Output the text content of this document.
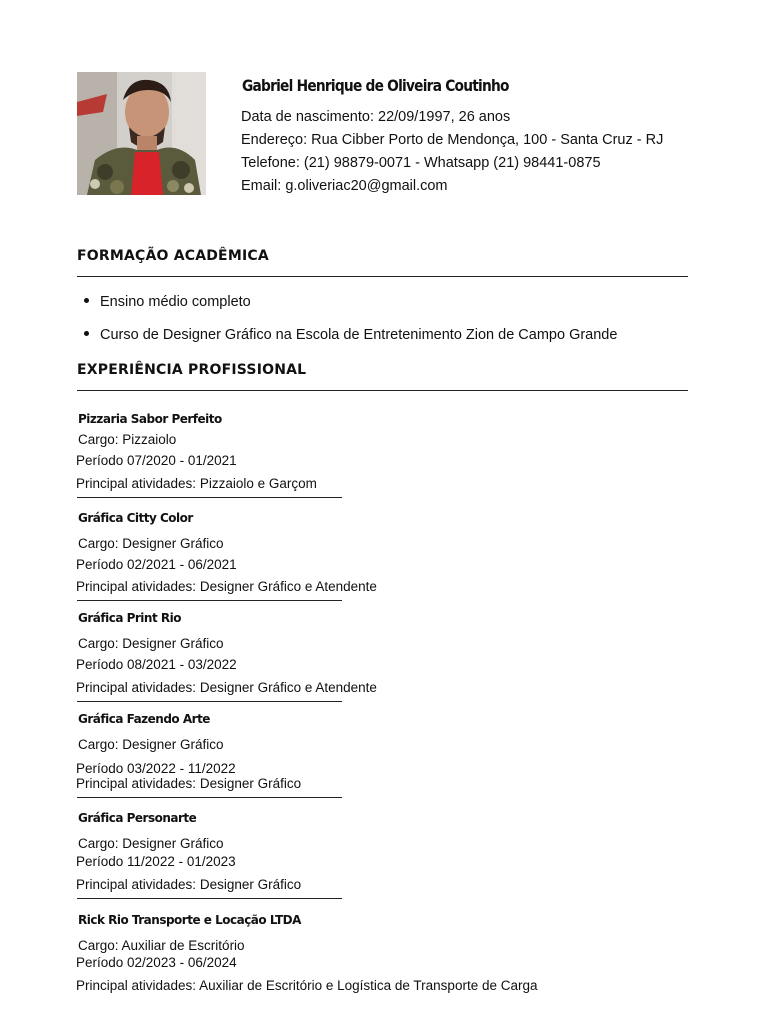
Gabriel Henrique de Oliveira Coutinho
Data de nascimento: 22/09/1997, 26 anos
Endereço: Rua Cibber Porto de Mendonça, 100 - Santa Cruz - RJ
Telefone: (21) 98879-0071 - Whatsapp (21) 98441-0875
Email: g.oliveriac20@gmail.com
FORMAÇÃO ACADÊMICA
Ensino médio completo
Curso de Designer Gráfico na Escola de Entretenimento Zion de Campo Grande
EXPERIÊNCIA PROFISSIONAL
Pizzaria Sabor Perfeito
Cargo: Pizzaiolo
Período 07/2020 - 01/2021
Principal atividades: Pizzaiolo e Garçom
Gráfica Citty Color
Cargo: Designer Gráfico
Período 02/2021 - 06/2021
Principal atividades: Designer Gráfico e Atendente
Gráfica Print Rio
Cargo: Designer Gráfico
Período 08/2021 - 03/2022
Principal atividades: Designer Gráfico e Atendente
Gráfica Fazendo Arte
Cargo: Designer Gráfico
Período 03/2022 - 11/2022
Principal atividades: Designer Gráfico
Gráfica Personarte
Cargo: Designer Gráfico
Período 11/2022 - 01/2023
Principal atividades: Designer Gráfico
Rick Rio Transporte e Locação LTDA
Cargo: Auxiliar de Escritório
Período 02/2023 - 06/2024
Principal atividades: Auxiliar de Escritório e Logística de Transporte de Carga
